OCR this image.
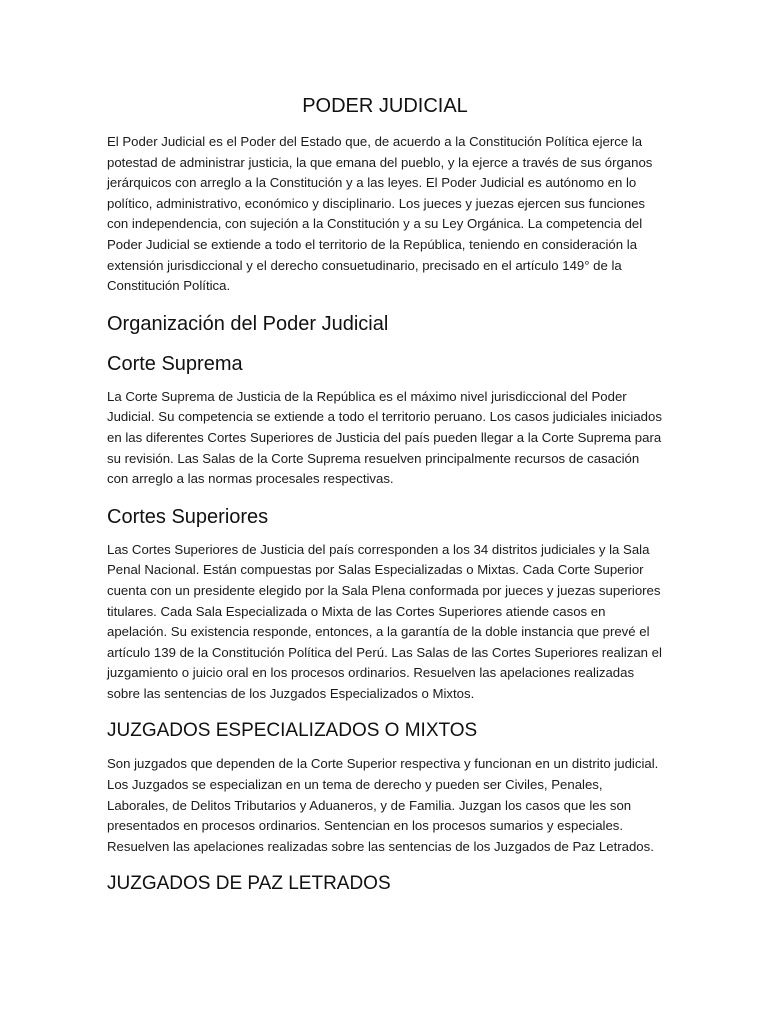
PODER JUDICIAL

El Poder Judicial es el Poder del Estado que, de acuerdo a la Constitución Política ejerce la potestad de administrar justicia, la que emana del pueblo, y la ejerce a través de sus órganos jerárquicos con arreglo a la Constitución y a las leyes. El Poder Judicial es autónomo en lo político, administrativo, económico y disciplinario. Los jueces y juezas ejercen sus funciones con independencia, con sujeción a la Constitución y a su Ley Orgánica. La competencia del Poder Judicial se extiende a todo el territorio de la República, teniendo en consideración la extensión jurisdiccional y el derecho consuetudinario, precisado en el artículo 149° de la Constitución Política.

Organización del Poder Judicial
Corte Suprema

La Corte Suprema de Justicia de la República es el máximo nivel jurisdiccional del Poder Judicial. Su competencia se extiende a todo el territorio peruano. Los casos judiciales iniciados en las diferentes Cortes Superiores de Justicia del país pueden llegar a la Corte Suprema para su revisión. Las Salas de la Corte Suprema resuelven principalmente recursos de casación con arreglo a las normas procesales respectivas.

Cortes Superiores

Las Cortes Superiores de Justicia del país corresponden a los 34 distritos judiciales y la Sala Penal Nacional. Están compuestas por Salas Especializadas o Mixtas. Cada Corte Superior cuenta con un presidente elegido por la Sala Plena conformada por jueces y juezas superiores titulares. Cada Sala Especializada o Mixta de las Cortes Superiores atiende casos en apelación. Su existencia responde, entonces, a la garantía de la doble instancia que prevé el artículo 139 de la Constitución Política del Perú. Las Salas de las Cortes Superiores realizan el juzgamiento o juicio oral en los procesos ordinarios. Resuelven las apelaciones realizadas sobre las sentencias de los Juzgados Especializados o Mixtos.

JUZGADOS ESPECIALIZADOS O MIXTOS

Son juzgados que dependen de la Corte Superior respectiva y funcionan en un distrito judicial. Los Juzgados se especializan en un tema de derecho y pueden ser Civiles, Penales, Laborales, de Delitos Tributarios y Aduaneros, y de Familia. Juzgan los casos que les son presentados en procesos ordinarios. Sentencian en los procesos sumarios y especiales. Resuelven las apelaciones realizadas sobre las sentencias de los Juzgados de Paz Letrados.

JUZGADOS DE PAZ LETRADOS
